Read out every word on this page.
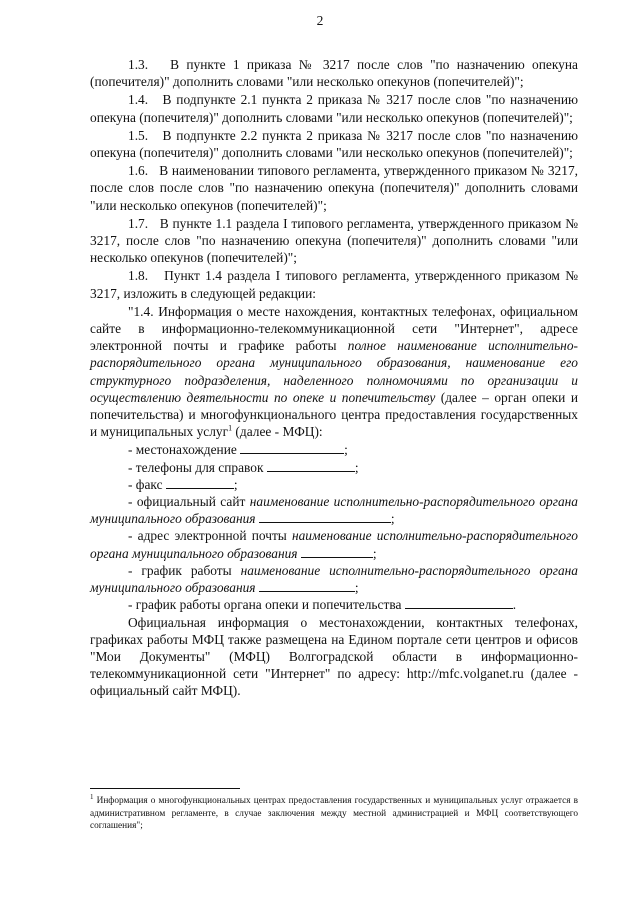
2

1.3.   В пункте 1 приказа № 3217 после слов "по назначению опекуна (попечителя)" дополнить словами "или несколько опекунов (попечителей)";

1.4.   В подпункте 2.1 пункта 2 приказа № 3217 после слов "по назначению опекуна (попечителя)" дополнить словами "или несколько опекунов (попечителей)";

1.5.   В подпункте 2.2 пункта 2 приказа № 3217 после слов "по назначению опекуна (попечителя)" дополнить словами "или несколько опекунов (попечителей)";

1.6.   В наименовании типового регламента, утвержденного приказом № 3217, после слов после слов "по назначению опекуна (попечителя)" дополнить словами "или несколько опекунов (попечителей)";

1.7.   В пункте 1.1 раздела I типового регламента, утвержденного приказом № 3217, после слов "по назначению опекуна (попечителя)" дополнить словами "или несколько опекунов (попечителей)";

1.8.   Пункт 1.4 раздела I типового регламента, утвержденного приказом № 3217, изложить в следующей редакции:

"1.4. Информация о месте нахождения, контактных телефонах, официальном сайте в информационно-телекоммуникационной сети "Интернет", адресе электронной почты и графике работы полное наименование исполнительно-распорядительного органа муниципального образования, наименование его структурного подразделения, наделенного полномочиями по организации и осуществлению деятельности по опеке и попечительству (далее – орган опеки и попечительства) и многофункционального центра предоставления государственных и муниципальных услуг$^1$ (далее - МФЦ):

- местонахождение	;

- телефоны для справок	;

- факс	;

- официальный сайт наименование исполнительно-распорядительного органа муниципального образования	;

- адрес электронной почты наименование исполнительно-распорядительного органа муниципального образования	;

- график работы наименование исполнительно-распорядительного органа муниципального образования	;

- график работы органа опеки и попечительства	.

Официальная информация о местонахождении, контактных телефонах, графиках работы МФЦ также размещена на Едином портале сети центров и офисов "Мои Документы" (МФЦ) Волгоградской области в информационно-телекоммуникационной сети "Интернет" по адресу: http://mfc.volganet.ru (далее - официальный сайт МФЦ).

$^1$ Информация о многофункциональных центрах предоставления государственных и муниципальных услуг отражается в административном регламенте, в случае заключения между местной администрацией и МФЦ соответствующего соглашения";
